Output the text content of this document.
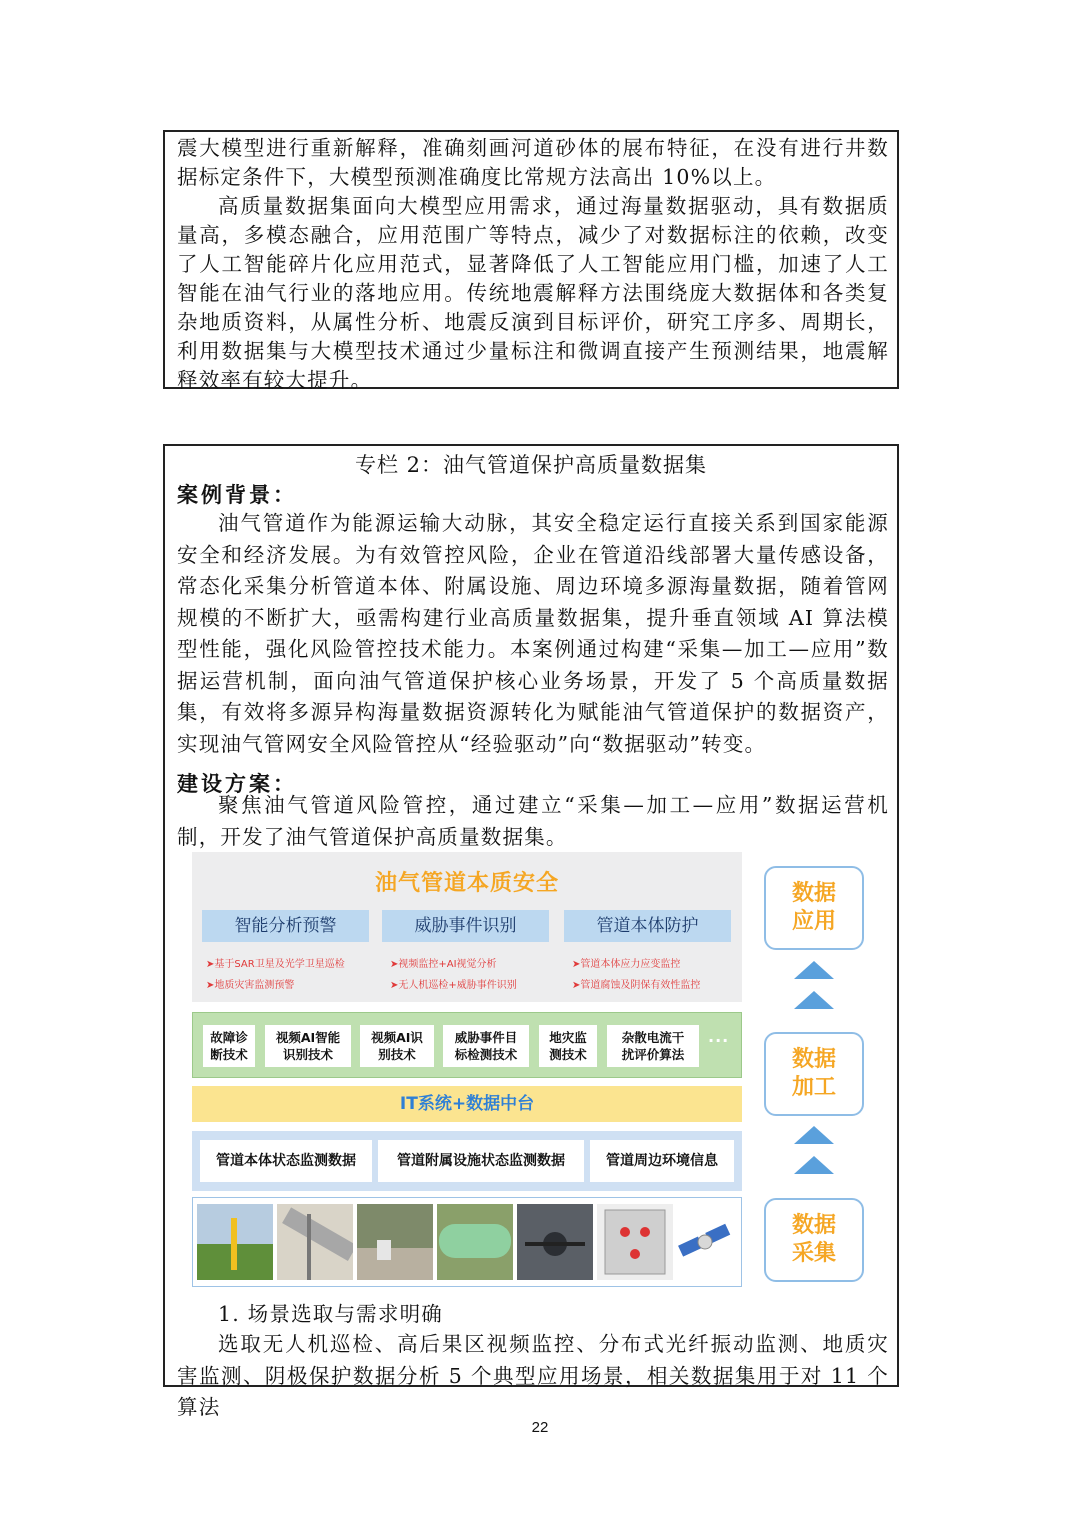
震大模型进行重新解释，准确刻画河道砂体的展布特征，在没有进行井数据标定条件下，大模型预测准确度比常规方法高出 10%以上。

高质量数据集面向大模型应用需求，通过海量数据驱动，具有数据质量高，多模态融合，应用范围广等特点，减少了对数据标注的依赖，改变了人工智能碎片化应用范式，显著降低了人工智能应用门槛，加速了人工智能在油气行业的落地应用。传统地震解释方法围绕庞大数据体和各类复杂地质资料，从属性分析、地震反演到目标评价，研究工序多、周期长，利用数据集与大模型技术通过少量标注和微调直接产生预测结果，地震解释效率有较大提升。

专栏 2：油气管道保护高质量数据集
案例背景：

油气管道作为能源运输大动脉，其安全稳定运行直接关系到国家能源安全和经济发展。为有效管控风险，企业在管道沿线部署大量传感设备，常态化采集分析管道本体、附属设施、周边环境多源海量数据，随着管网规模的不断扩大，亟需构建行业高质量数据集，提升垂直领域 AI 算法模型性能，强化风险管控技术能力。本案例通过构建“采集—加工—应用”数据运营机制，面向油气管道保护核心业务场景，开发了 5 个高质量数据集，有效将多源异构海量数据资源转化为赋能油气管道保护的数据资产，实现油气管网安全风险管控从“经验驱动”向“数据驱动”转变。

建设方案：

聚焦油气管道风险管控，通过建立“采集—加工—应用”数据运营机制，开发了油气管道保护高质量数据集。

1. 场景选取与需求明确

选取无人机巡检、高后果区视频监控、分布式光纤振动监测、地质灾害监测、阴极保护数据分析 5 个典型应用场景，相关数据集用于对 11 个算法

油气管道本质安全
智能分析预警	威胁事件识别	管道本体防护
➤基于SAR卫星及光学卫星巡检
➤地质灾害监测预警
➤视频监控+AI视觉分析
➤无人机巡检+威胁事件识别
➤管道本体应力应变监控
➤管道腐蚀及阴保有效性监控
故障诊
断技术
视频AI智能
识别技术
视频AI识
别技术
威胁事件目
标检测技术
地灾监
测技术
杂散电流干
扰评价算法
···
IT系统+数据中台
管道本体状态监测数据	管道附属设施状态监测数据	管道周边环境信息
数据
应用
数据
加工
数据
采集
22
